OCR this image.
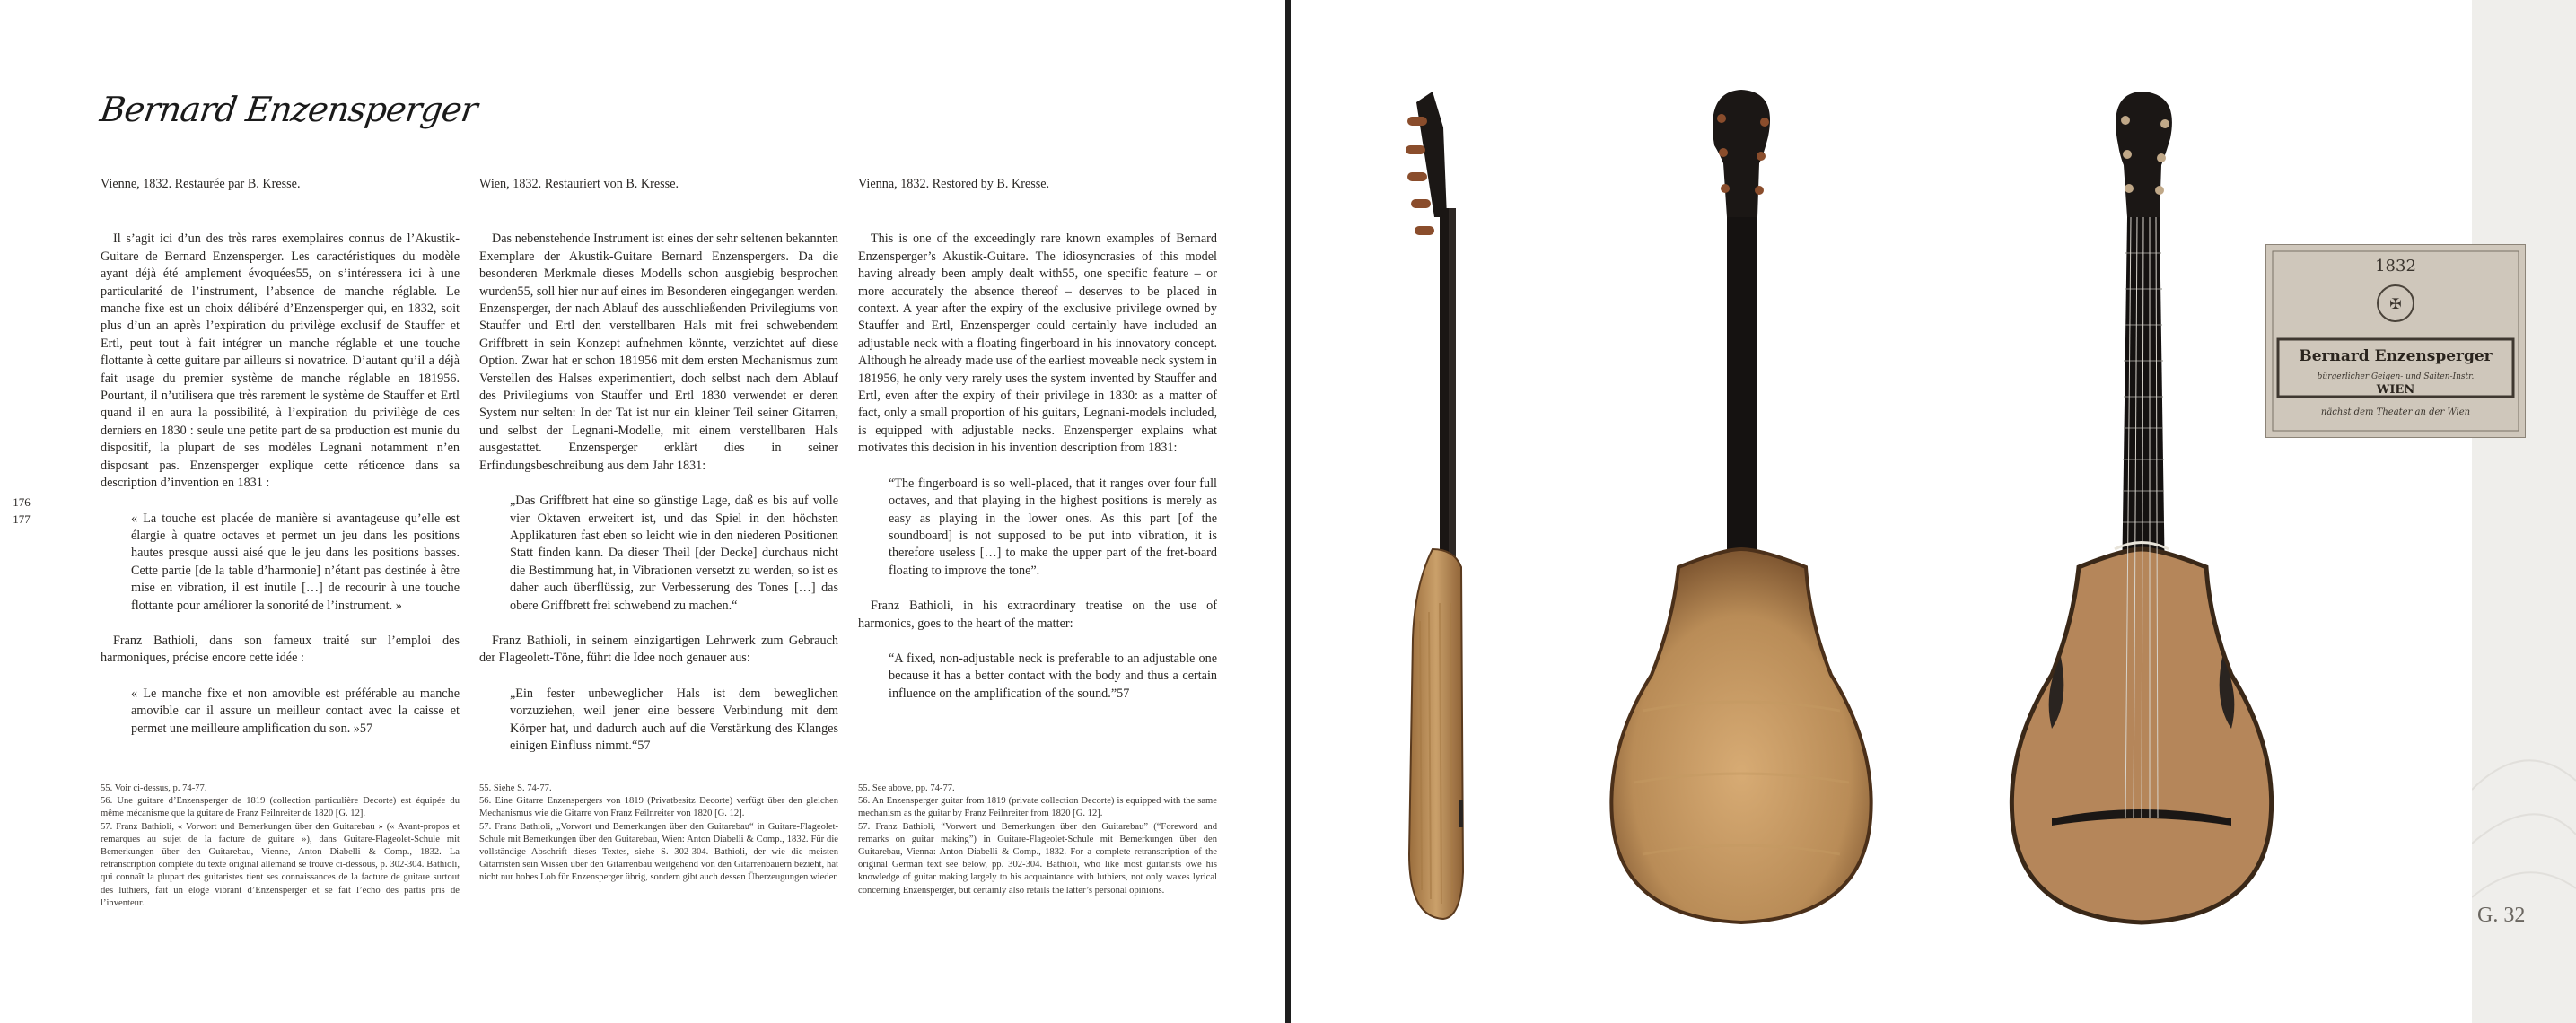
Bernard Enzensperger
176
177
Vienne, 1832. Restaurée par B. Kresse.

Il s’agit ici d’un des très rares exemplaires connus de l’Akustik-Guitare de Bernard Enzensperger. Les caractéristiques du modèle ayant déjà été amplement évoquées55, on s’intéressera ici à une particularité de l’instrument, l’absence de manche réglable. Le manche fixe est un choix délibéré d’Enzensperger qui, en 1832, soit plus d’un an après l’expiration du privilège exclusif de Stauffer et Ertl, peut tout à fait intégrer un manche réglable et une touche flottante à cette guitare par ailleurs si novatrice. D’autant qu’il a déjà fait usage du premier système de manche réglable en 181956. Pourtant, il n’utilisera que très rarement le système de Stauffer et Ertl quand il en aura la possibilité, à l’expiration du privilège de ces derniers en 1830 : seule une petite part de sa production est munie du dispositif, la plupart de ses modèles Legnani notamment n’en disposant pas. Enzensperger explique cette réticence dans sa description d’invention en 1831 :

« La touche est placée de manière si avantageuse qu’elle est élargie à quatre octaves et permet un jeu dans les positions hautes presque aussi aisé que le jeu dans les positions basses. Cette partie [de la table d’harmonie] n’étant pas destinée à être mise en vibration, il est inutile […] de recourir à une touche flottante pour améliorer la sonorité de l’instrument. »

Franz Bathioli, dans son fameux traité sur l’emploi des harmoniques, précise encore cette idée :

« Le manche fixe et non amovible est préférable au manche amovible car il assure un meilleur contact avec la caisse et permet une meilleure amplification du son. »57

55. Voir ci-dessus, p. 74-77.
56. Une guitare d’Enzensperger de 1819 (collection particulière Decorte) est équipée du même mécanisme que la guitare de Franz Feilnreiter de 1820 [G. 12].
57. Franz Bathioli, « Vorwort und Bemerkungen über den Guitarebau » (« Avant-propos et remarques au sujet de la facture de guitare »), dans Guitare-Flageolet-Schule mit Bemerkungen über den Guitarebau, Vienne, Anton Diabelli & Comp., 1832. La retranscription complète du texte original allemand se trouve ci-dessous, p. 302-304. Bathioli, qui connaît la plupart des guitaristes tient ses connaissances de la facture de guitare surtout des luthiers, fait un éloge vibrant d’Enzensperger et se fait l’écho des partis pris de l’inventeur.
Wien, 1832. Restauriert von B. Kresse.

Das nebenstehende Instrument ist eines der sehr seltenen bekannten Exemplare der Akustik-Guitare Bernard Enzenspergers. Da die besonderen Merkmale dieses Modells schon ausgiebig besprochen wurden55, soll hier nur auf eines im Besonderen eingegangen werden. Enzensperger, der nach Ablauf des ausschließenden Privilegiums von Stauffer und Ertl den verstellbaren Hals mit frei schwebendem Griffbrett in sein Konzept aufnehmen könnte, verzichtet auf diese Option. Zwar hat er schon 181956 mit dem ersten Mechanismus zum Verstellen des Halses experimentiert, doch selbst nach dem Ablauf des Privilegiums von Stauffer und Ertl 1830 verwendet er deren System nur selten: In der Tat ist nur ein kleiner Teil seiner Gitarren, und selbst der Legnani-Modelle, mit einem verstellbaren Hals ausgestattet. Enzensperger erklärt dies in seiner Erfindungsbeschreibung aus dem Jahr 1831:

„Das Griffbrett hat eine so günstige Lage, daß es bis auf volle vier Oktaven erweitert ist, und das Spiel in den höchsten Applikaturen fast eben so leicht wie in den niederen Positionen Statt finden kann. Da dieser Theil [der Decke] durchaus nicht die Bestimmung hat, in Vibrationen versetzt zu werden, so ist es daher auch überflüssig, zur Verbesserung des Tones […] das obere Griffbrett frei schwebend zu machen.“

Franz Bathioli, in seinem einzigartigen Lehrwerk zum Gebrauch der Flageolett-Töne, führt die Idee noch genauer aus:

„Ein fester unbeweglicher Hals ist dem beweglichen vorzuziehen, weil jener eine bessere Verbindung mit dem Körper hat, und dadurch auch auf die Verstärkung des Klanges einigen Einfluss nimmt.“57

55. Siehe S. 74-77.
56. Eine Gitarre Enzenspergers von 1819 (Privatbesitz Decorte) verfügt über den gleichen Mechanismus wie die Gitarre von Franz Feilnreiter von 1820 [G. 12].
57. Franz Bathioli, „Vorwort und Bemerkungen über den Guitarebau“ in Guitare-Flageolet-Schule mit Bemerkungen über den Guitarebau, Wien: Anton Diabelli & Comp., 1832. Für die vollständige Abschrift dieses Textes, siehe S. 302-304. Bathioli, der wie die meisten Gitarristen sein Wissen über den Gitarrenbau weitgehend von den Gitarrenbauern bezieht, hat nicht nur hohes Lob für Enzensperger übrig, sondern gibt auch dessen Überzeugungen wieder.
Vienna, 1832. Restored by B. Kresse.

This is one of the exceedingly rare known examples of Bernard Enzensperger’s Akustik-Guitare. The idiosyncrasies of this model having already been amply dealt with55, one specific feature – or more accurately the absence thereof – deserves to be placed in context. A year after the expiry of the exclusive privilege owned by Stauffer and Ertl, Enzensperger could certainly have included an adjustable neck with a floating fingerboard in his innovatory concept. Although he already made use of the earliest moveable neck system in 181956, he only very rarely uses the system invented by Stauffer and Ertl, even after the expiry of their privilege in 1830: as a matter of fact, only a small proportion of his guitars, Legnani-models included, is equipped with adjustable necks. Enzensperger explains what motivates this decision in his invention description from 1831:

“The fingerboard is so well-placed, that it ranges over four full octaves, and that playing in the highest positions is merely as easy as playing in the lower ones. As this part [of the soundboard] is not supposed to be put into vibration, it is therefore useless […] to make the upper part of the fret-board floating to improve the tone”.

Franz Bathioli, in his extraordinary treatise on the use of harmonics, goes to the heart of the matter:

“A fixed, non-adjustable neck is preferable to an adjustable one because it has a better contact with the body and thus a certain influence on the amplification of the sound.”57

55. See above, pp. 74-77.
56. An Enzensperger guitar from 1819 (private collection Decorte) is equipped with the same mechanism as the guitar by Franz Feilnreiter from 1820 [G. 12].
57. Franz Bathioli, “Vorwort und Bemerkungen über den Guitarebau” (“Foreword and remarks on guitar making”) in Guitare-Flageolet-Schule mit Bemerkungen über den Guitarebau, Vienna: Anton Diabelli & Comp., 1832. For a complete retranscription of the original German text see below, pp. 302-304. Bathioli, who like most guitarists owe his knowledge of guitar making largely to his acquaintance with luthiers, not only waxes lyrical concerning Enzensperger, but certainly also retails the latter’s personal opinions.
1832
✠
Bernard Enzensperger
bürgerlicher Geigen- und Saiten-Instr.
WIEN
nächst dem Theater an der Wien
G. 32
